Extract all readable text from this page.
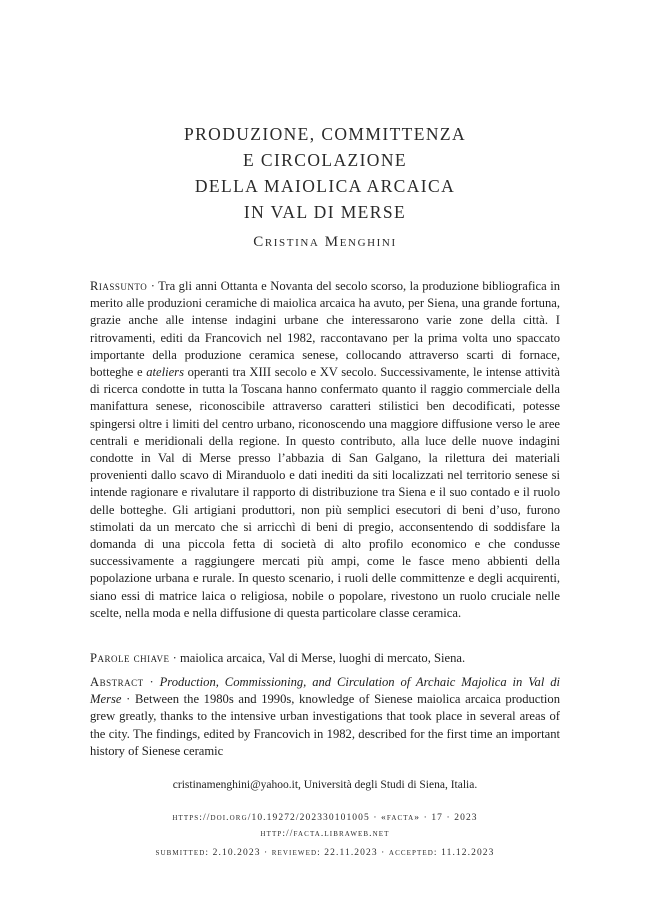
PRODUZIONE, COMMITTENZA
E CIRCOLAZIONE
DELLA MAIOLICA ARCAICA
IN VAL DI MERSE
Cristina Menghini
Riassunto · Tra gli anni Ottanta e Novanta del secolo scorso, la produzione bibliografica in merito alle produzioni ceramiche di maiolica arcaica ha avuto, per Siena, una grande fortuna, grazie anche alle intense indagini urbane che interessarono varie zone della città. I ritrovamenti, editi da Francovich nel 1982, raccontavano per la prima volta uno spaccato importante della produzione ceramica senese, collocando attraverso scarti di fornace, botteghe e ateliers operanti tra XIII secolo e XV secolo. Successivamente, le intense attività di ricerca condotte in tutta la Toscana hanno confermato quanto il raggio commerciale della manifattura senese, riconoscibile attraverso caratteri stilistici ben decodificati, potesse spingersi oltre i limiti del centro urbano, riconoscendo una maggiore diffusione verso le aree centrali e meridionali della regione. In questo contributo, alla luce delle nuove indagini condotte in Val di Merse presso l’abbazia di San Galgano, la rilettura dei materiali provenienti dallo scavo di Miranduolo e dati inediti da siti localizzati nel territorio senese si intende ragionare e rivalutare il rapporto di distribuzione tra Siena e il suo contado e il ruolo delle botteghe. Gli artigiani produttori, non più semplici esecutori di beni d’uso, furono stimolati da un mercato che si arricchì di beni di pregio, acconsentendo di soddisfare la domanda di una piccola fetta di società di alto profilo economico e che condusse successivamente a raggiungere mercati più ampi, come le fasce meno abbienti della popolazione urbana e rurale. In questo scenario, i ruoli delle committenze e degli acquirenti, siano essi di matrice laica o religiosa, nobile o popolare, rivestono un ruolo cruciale nelle scelte, nella moda e nella diffusione di questa particolare classe ceramica.
Parole chiave · maiolica arcaica, Val di Merse, luoghi di mercato, Siena.
Abstract · Production, Commissioning, and Circulation of Archaic Majolica in Val di Merse · Between the 1980s and 1990s, knowledge of Sienese maiolica arcaica production grew greatly, thanks to the intensive urban investigations that took place in several areas of the city. The findings, edited by Francovich in 1982, described for the first time an important history of Sienese ceramic
cristinamenghini@yahoo.it, Università degli Studi di Siena, Italia.
https://doi.org/10.19272/202330101005 · «facta» · 17 · 2023
http://facta.libraweb.net
submitted: 2.10.2023 · reviewed: 22.11.2023 · accepted: 11.12.2023
